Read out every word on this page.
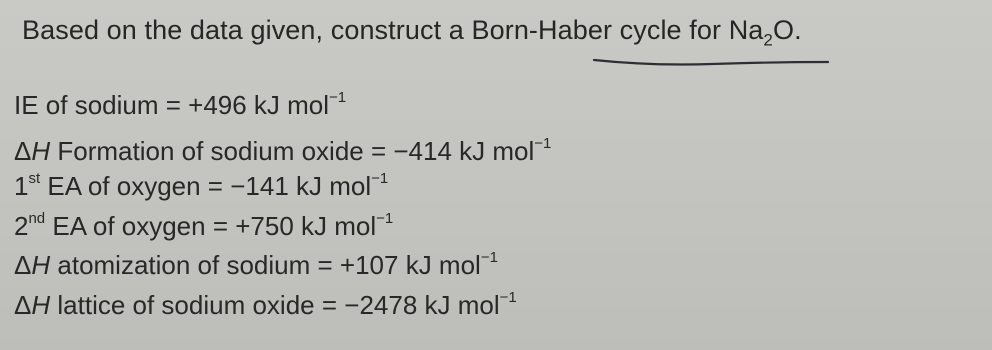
Based on the data given, construct a Born-Haber cycle for $Na_2O$.
IE of sodium = +496 kJ mol$^{-1}$
ΔH Formation of sodium oxide = −414 kJ mol$^{-1}$
1st EA of oxygen = −141 kJ mol$^{-1}$
2nd EA of oxygen = +750 kJ mol$^{-1}$
ΔH atomization of sodium = +107 kJ mol$^{-1}$
ΔH lattice of sodium oxide = −2478 kJ mol$^{-1}$
